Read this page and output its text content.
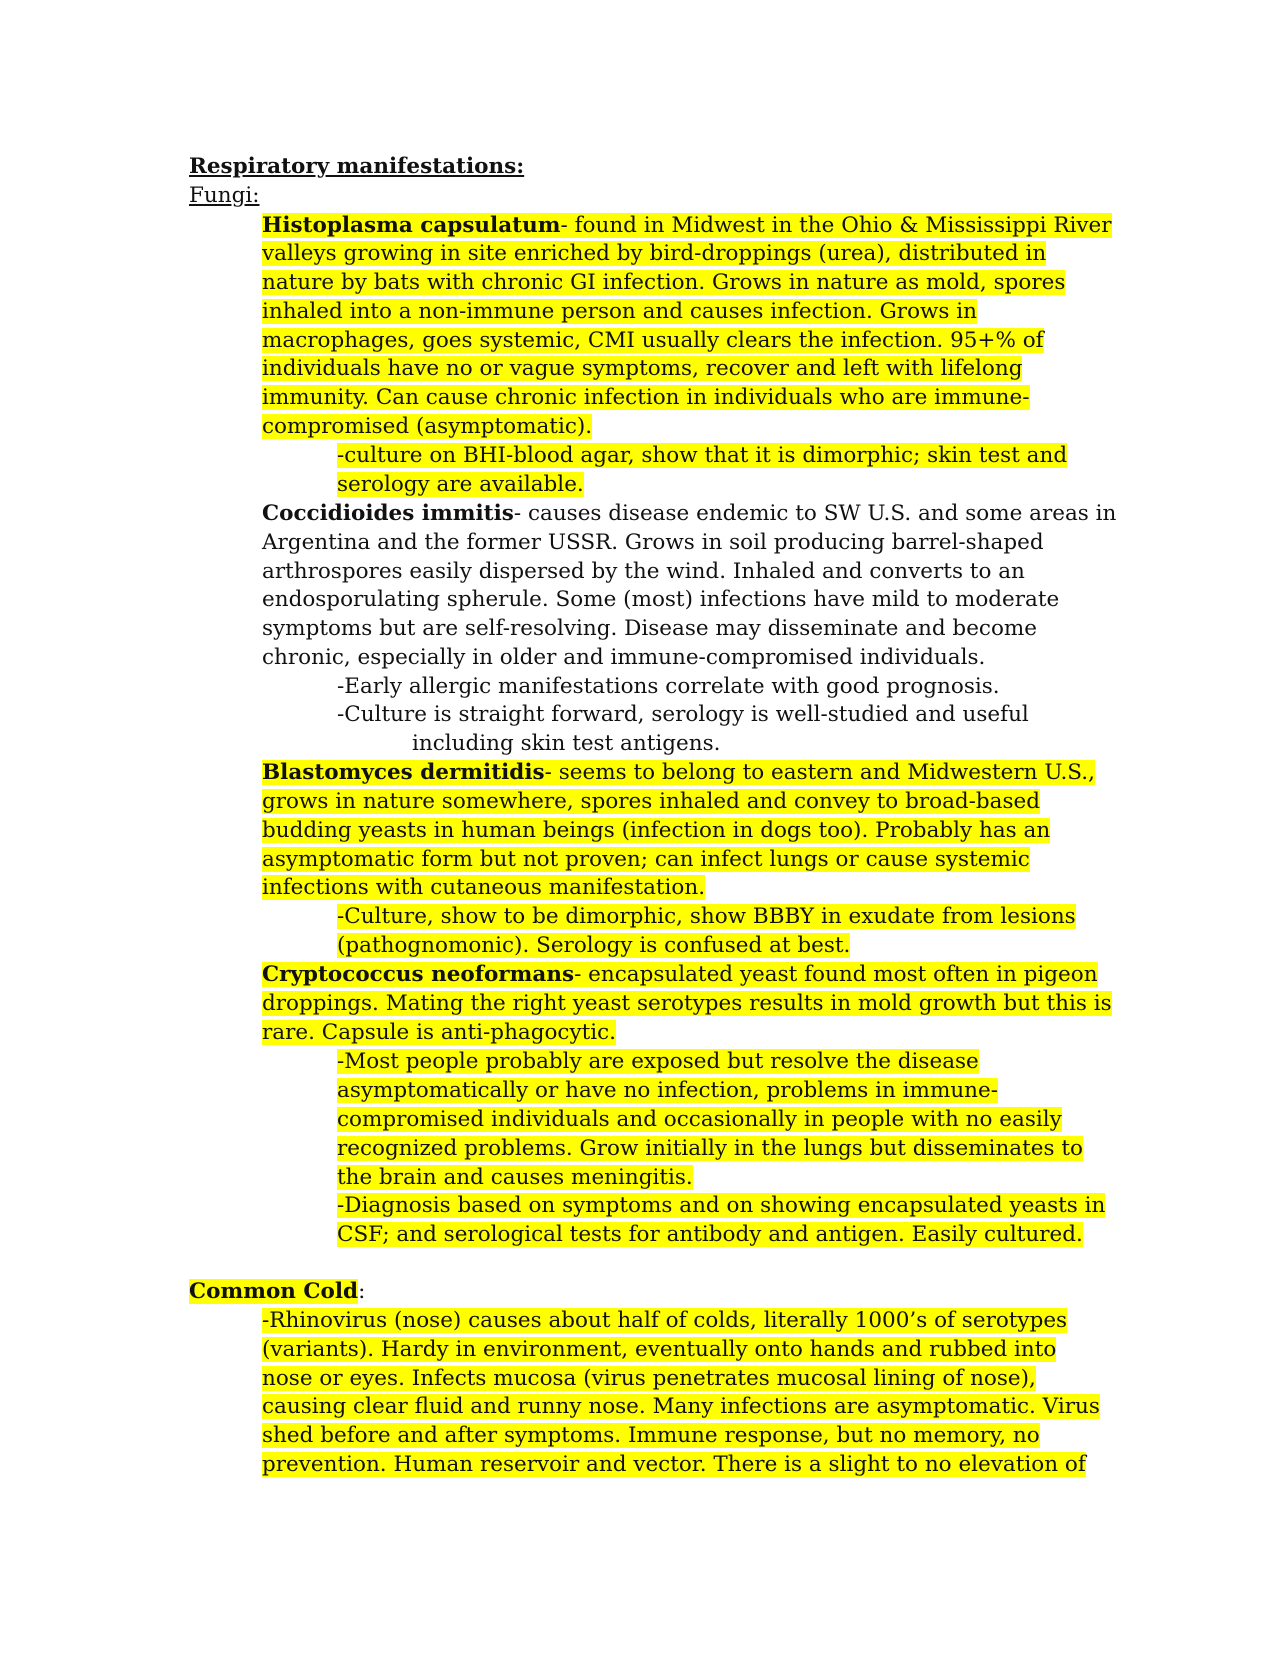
Respiratory manifestations:
Fungi:
Histoplasma capsulatum- found in Midwest in the Ohio & Mississippi River
valleys growing in site enriched by bird-droppings (urea), distributed in
nature by bats with chronic GI infection. Grows in nature as mold, spores
inhaled into a non-immune person and causes infection. Grows in
macrophages, goes systemic, CMI usually clears the infection. 95+% of
individuals have no or vague symptoms, recover and left with lifelong
immunity. Can cause chronic infection in individuals who are immune-
compromised (asymptomatic).
-culture on BHI-blood agar, show that it is dimorphic; skin test and
serology are available.
Coccidioides immitis- causes disease endemic to SW U.S. and some areas in
Argentina and the former USSR. Grows in soil producing barrel-shaped
arthrospores easily dispersed by the wind. Inhaled and converts to an
endosporulating spherule. Some (most) infections have mild to moderate
symptoms but are self-resolving. Disease may disseminate and become
chronic, especially in older and immune-compromised individuals.
-Early allergic manifestations correlate with good prognosis.
-Culture is straight forward, serology is well-studied and useful
including skin test antigens.
Blastomyces dermitidis- seems to belong to eastern and Midwestern U.S.,
grows in nature somewhere, spores inhaled and convey to broad-based
budding yeasts in human beings (infection in dogs too). Probably has an
asymptomatic form but not proven; can infect lungs or cause systemic
infections with cutaneous manifestation.
-Culture, show to be dimorphic, show BBBY in exudate from lesions
(pathognomonic). Serology is confused at best.
Cryptococcus neoformans- encapsulated yeast found most often in pigeon
droppings. Mating the right yeast serotypes results in mold growth but this is
rare. Capsule is anti-phagocytic.
-Most people probably are exposed but resolve the disease
asymptomatically or have no infection, problems in immune-
compromised individuals and occasionally in people with no easily
recognized problems. Grow initially in the lungs but disseminates to
the brain and causes meningitis.
-Diagnosis based on symptoms and on showing encapsulated yeasts in
CSF; and serological tests for antibody and antigen. Easily cultured.
Common Cold:
-Rhinovirus (nose) causes about half of colds, literally 1000’s of serotypes
(variants). Hardy in environment, eventually onto hands and rubbed into
nose or eyes. Infects mucosa (virus penetrates mucosal lining of nose),
causing clear fluid and runny nose. Many infections are asymptomatic. Virus
shed before and after symptoms. Immune response, but no memory, no
prevention. Human reservoir and vector. There is a slight to no elevation of
